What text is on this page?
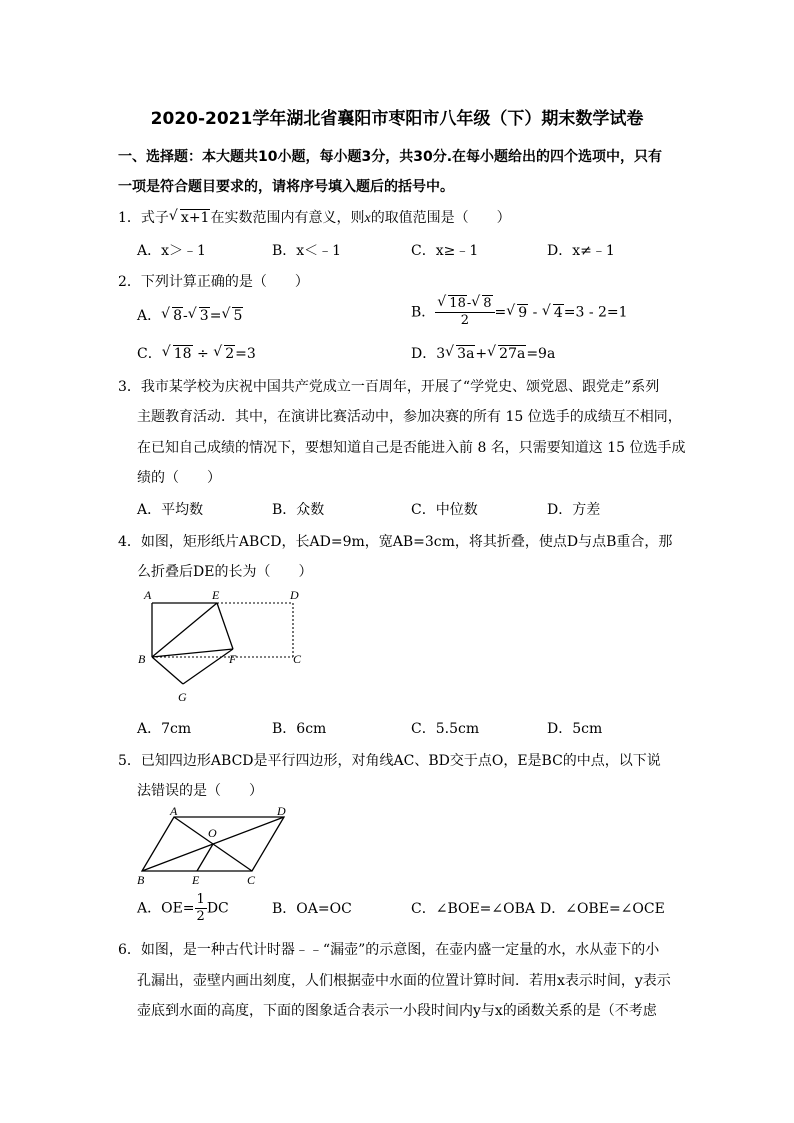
2020-2021学年湖北省襄阳市枣阳市八年级（下）期末数学试卷
一、选择题：本大题共10小题，每小题3分，共30分.在每小题给出的四个选项中，只有
一项是符合题目要求的，请将序号填入题后的括号中。
1．式子 √ x+1在实数范围内有意义，则x的取值范围是（　　）
A．x＞﹣1	B．x＜﹣1	C．x≥﹣1	D．x≠﹣1
2．下列计算正确的是（　　）
A． √ 8- √ 3= √ 5	B． √ $\frac{18- √ 8}{2}$ = √ 9 - √ 4=3 - 2=1
C． √ 18 ÷ √ 2=3	D．3 √ 3a+ √ 27a=9a
3．我市某学校为庆祝中国共产党成立一百周年，开展了“学党史、颂党恩、跟党走”系列
主题教育活动．其中，在演讲比赛活动中，参加决赛的所有 15 位选手的成绩互不相同，
在已知自己成绩的情况下，要想知道自己是否能进入前 8 名，只需要知道这 15 位选手成
绩的（　　）
A．平均数	B．众数	C．中位数	D．方差
4．如图，矩形纸片ABCD，长AD=9m，宽AB=3cm，将其折叠，使点D与点B重合，那
么折叠后DE的长为（　　）
A	E	D
B	F	C
G
A．7cm	B．6cm	C．5.5cm	D．5cm
5．已知四边形ABCD是平行四边形，对角线AC、BD交于点O，E是BC的中点，以下说
法错误的是（　　）
A	D
O
B	E	C
A．$OE= \frac{1}{2}$ DC	B．OA=OC	C．∠BOE=∠OBA D．∠OBE=∠OCE
6．如图，是一种古代计时器﹣﹣“漏壶”的示意图，在壶内盛一定量的水，水从壶下的小
孔漏出，壶壁内画出刻度，人们根据壶中水面的位置计算时间．若用x表示时间，y表示
壶底到水面的高度，下面的图象适合表示一小段时间内y与x的函数关系的是（不考虑
